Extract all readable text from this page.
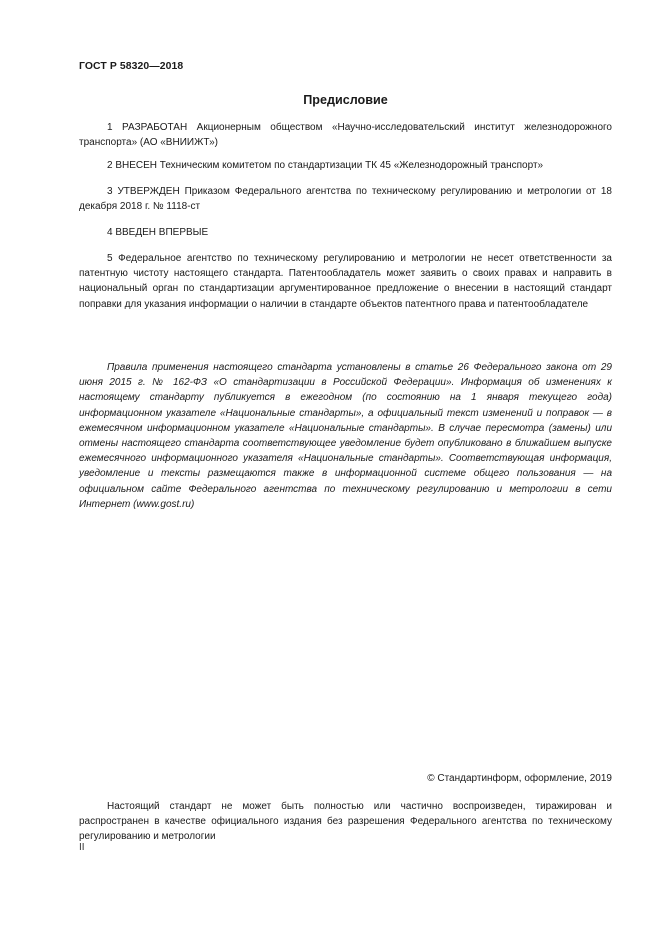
ГОСТ Р 58320—2018
Предисловие

1 РАЗРАБОТАН Акционерным обществом «Научно-исследовательский институт железнодорожного транспорта» (АО «ВНИИЖТ»)

2 ВНЕСЕН Техническим комитетом по стандартизации ТК 45 «Железнодорожный транспорт»

3 УТВЕРЖДЕН Приказом Федерального агентства по техническому регулированию и метрологии от 18 декабря 2018 г. № 1118-ст

4 ВВЕДЕН ВПЕРВЫЕ

5 Федеральное агентство по техническому регулированию и метрологии не несет ответственности за патентную чистоту настоящего стандарта. Патентообладатель может заявить о своих правах и направить в национальный орган по стандартизации аргументированное предложение о внесении в настоящий стандарт поправки для указания информации о наличии в стандарте объектов патентного права и патентообладателе

Правила применения настоящего стандарта установлены в статье 26 Федерального закона от 29 июня 2015 г. № 162-ФЗ «О стандартизации в Российской Федерации». Информация об изменениях к настоящему стандарту публикуется в ежегодном (по состоянию на 1 января текущего года) информационном указателе «Национальные стандарты», а официальный текст изменений и поправок — в ежемесячном информационном указателе «Национальные стандарты». В случае пересмотра (замены) или отмены настоящего стандарта соответствующее уведомление будет опубликовано в ближайшем выпуске ежемесячного информационного указателя «Национальные стандарты». Соответствующая информация, уведомление и тексты размещаются также в информационной системе общего пользования — на официальном сайте Федерального агентства по техническому регулированию и метрологии в сети Интернет (www.gost.ru)

© Стандартинформ, оформление, 2019

Настоящий стандарт не может быть полностью или частично воспроизведен, тиражирован и распространен в качестве официального издания без разрешения Федерального агентства по техническому регулированию и метрологии

II
